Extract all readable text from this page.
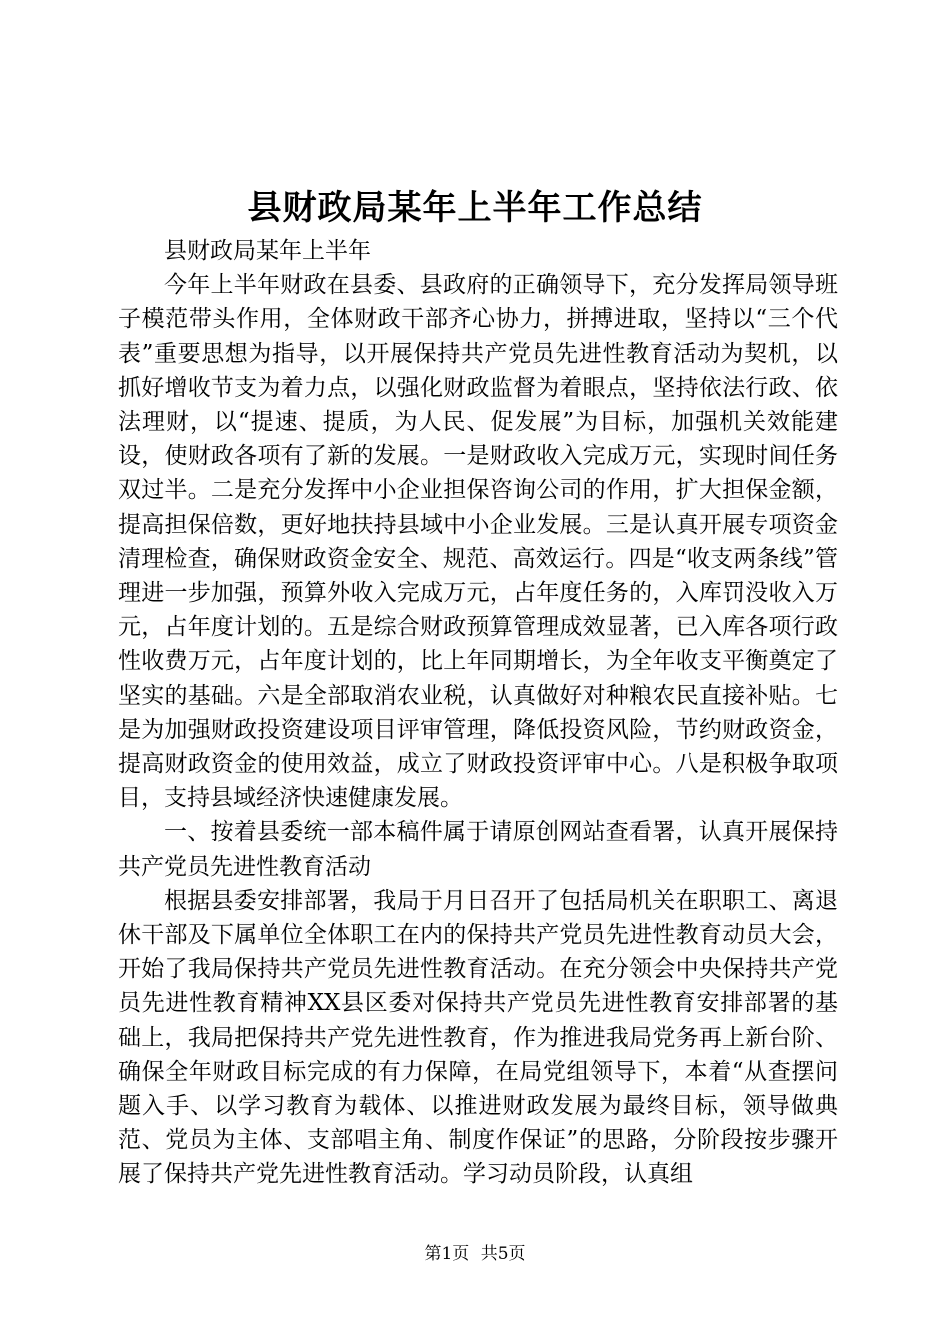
县财政局某年上半年工作总结

县财政局某年上半年

今年上半年财政在县委、县政府的正确领导下，充分发挥局领导班子模范带头作用，全体财政干部齐心协力，拼搏进取，坚持以“三个代表”重要思想为指导，以开展保持共产党员先进性教育活动为契机，以抓好增收节支为着力点，以强化财政监督为着眼点，坚持依法行政、依法理财，以“提速、提质，为人民、促发展”为目标，加强机关效能建设，使财政各项有了新的发展。一是财政收入完成万元，实现时间任务双过半。二是充分发挥中小企业担保咨询公司的作用，扩大担保金额，提高担保倍数，更好地扶持县域中小企业发展。三是认真开展专项资金清理检查，确保财政资金安全、规范、高效运行。四是“收支两条线”管理进一步加强，预算外收入完成万元，占年度任务的，入库罚没收入万元，占年度计划的。五是综合财政预算管理成效显著，已入库各项行政性收费万元，占年度计划的，比上年同期增长，为全年收支平衡奠定了坚实的基础。六是全部取消农业税，认真做好对种粮农民直接补贴。七是为加强财政投资建设项目评审管理，降低投资风险，节约财政资金，提高财政资金的使用效益，成立了财政投资评审中心。八是积极争取项目，支持县域经济快速健康发展。

一、按着县委统一部本稿件属于请原创网站查看署，认真开展保持共产党员先进性教育活动

根据县委安排部署，我局于月日召开了包括局机关在职职工、离退休干部及下属单位全体职工在内的保持共产党员先进性教育动员大会，开始了我局保持共产党员先进性教育活动。在充分领会中央保持共产党员先进性教育精神XX县区委对保持共产党员先进性教育安排部署的基础上，我局把保持共产党先进性教育，作为推进我局党务再上新台阶、确保全年财政目标完成的有力保障，在局党组领导下，本着“从查摆问题入手、以学习教育为载体、以推进财政发展为最终目标，领导做典范、党员为主体、支部唱主角、制度作保证”的思路，分阶段按步骤开展了保持共产党先进性教育活动。学习动员阶段，认真组

第1页 共5页
